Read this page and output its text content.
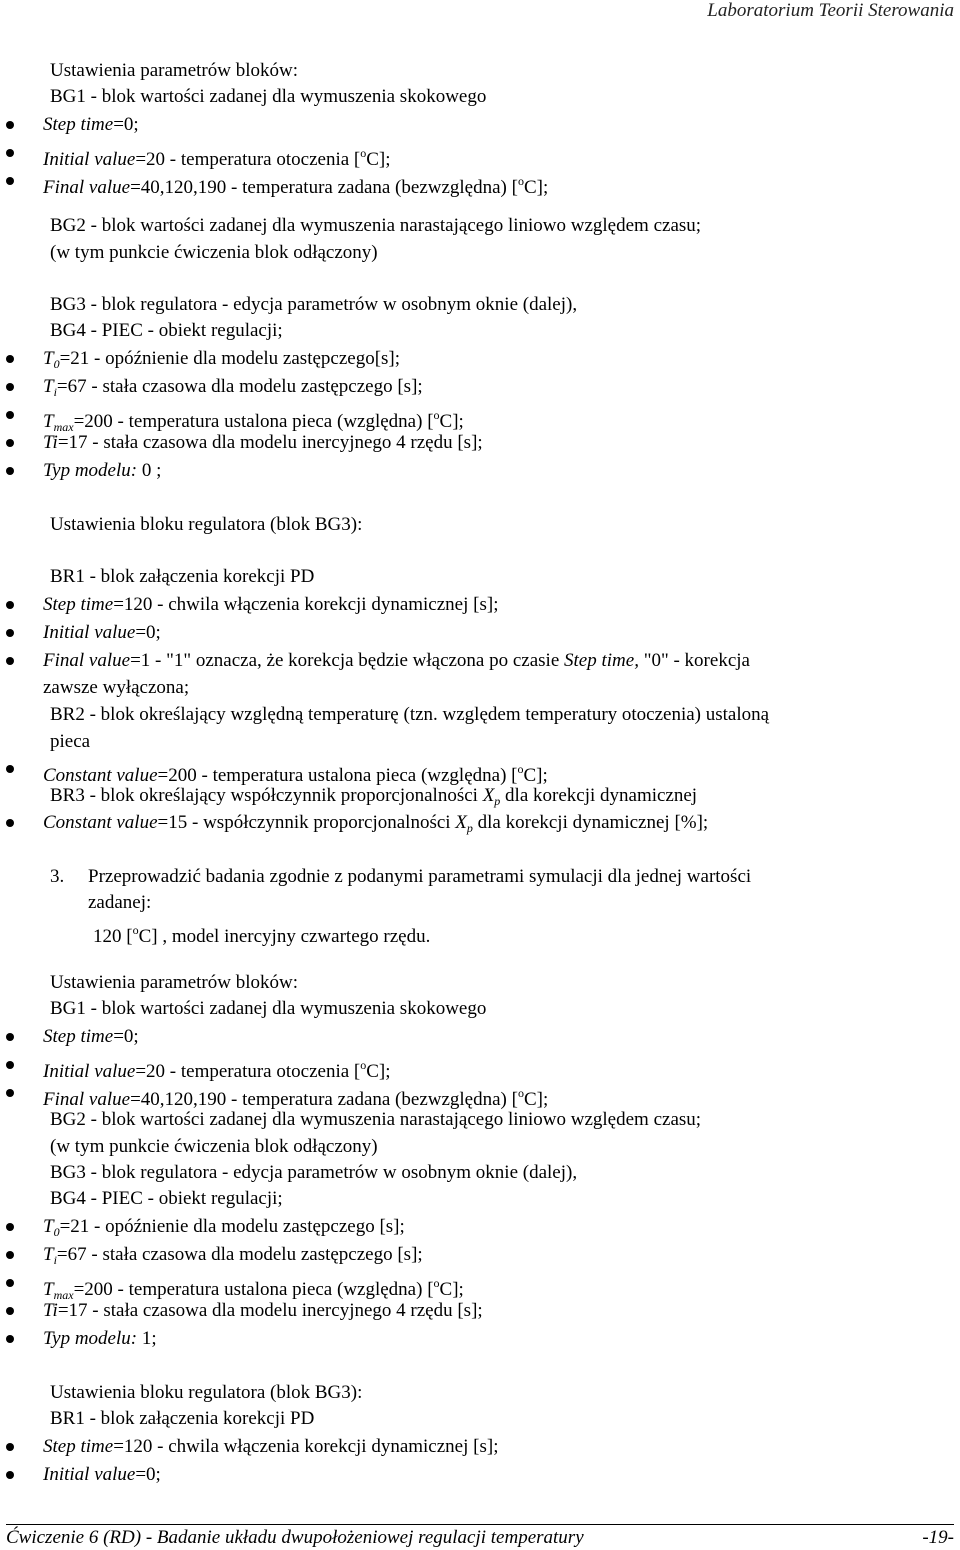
Laboratorium Teorii Sterowania
Ustawienia parametrów bloków:
BG1 - blok wartości zadanej dla wymuszenia skokowego
Step time=0;
Initial value=20 - temperatura otoczenia [$^o$C];
Final value=40,120,190 - temperatura zadana (bezwzględna) [$^o$C];
BG2 - blok wartości zadanej dla wymuszenia narastającego liniowo względem czasu;
(w tym punkcie ćwiczenia blok odłączony)
BG3 - blok regulatora - edycja parametrów w osobnym oknie (dalej),
BG4 - PIEC - obiekt regulacji;
$T_0=21$ - opóźnienie dla modelu zastępczego[s];
$T_i=67$ - stała czasowa dla modelu zastępczego [s];
$T_{max}=200$ - temperatura ustalona pieca (względna) [$^o$C];
Ti=17 - stała czasowa dla modelu inercyjnego 4 rzędu [s];
Typ modelu: 0 ;
Ustawienia bloku regulatora (blok BG3):
BR1 - blok załączenia korekcji PD
Step time=120 - chwila włączenia korekcji dynamicznej [s];
Initial value=0;
Final value=1 - "1" oznacza, że korekcja będzie włączona po czasie Step time, "0" - korekcja
zawsze wyłączona;
BR2 - blok określający względną temperaturę (tzn. względem temperatury otoczenia) ustaloną
pieca
Constant value=200 - temperatura ustalona pieca (względna) [$^o$C];
BR3 - blok określający współczynnik proporcjonalności $X_p$ dla korekcji dynamicznej
Constant value=15 - współczynnik proporcjonalności $X_p$ dla korekcji dynamicznej [%];
3. Przeprowadzić badania zgodnie z podanymi parametrami symulacji dla jednej wartości
zadanej:
120 [$^o$C] , model inercyjny czwartego rzędu.
Ustawienia parametrów bloków:
BG1 - blok wartości zadanej dla wymuszenia skokowego
Step time=0;
Initial value=20 - temperatura otoczenia [$^o$C];
Final value=40,120,190 - temperatura zadana (bezwzględna) [$^o$C];
BG2 - blok wartości zadanej dla wymuszenia narastającego liniowo względem czasu;
(w tym punkcie ćwiczenia blok odłączony)
BG3 - blok regulatora - edycja parametrów w osobnym oknie (dalej),
BG4 - PIEC - obiekt regulacji;
$T_0=21$ - opóźnienie dla modelu zastępczego [s];
$T_i=67$ - stała czasowa dla modelu zastępczego [s];
$T_{max}=200$ - temperatura ustalona pieca (względna) [$^o$C];
Ti=17 - stała czasowa dla modelu inercyjnego 4 rzędu [s];
Typ modelu: 1;
Ustawienia bloku regulatora (blok BG3):
BR1 - blok załączenia korekcji PD
Step time=120 - chwila włączenia korekcji dynamicznej [s];
Initial value=0;
Ćwiczenie 6 (RD) - Badanie układu dwupołożeniowej regulacji temperatury	-19-
